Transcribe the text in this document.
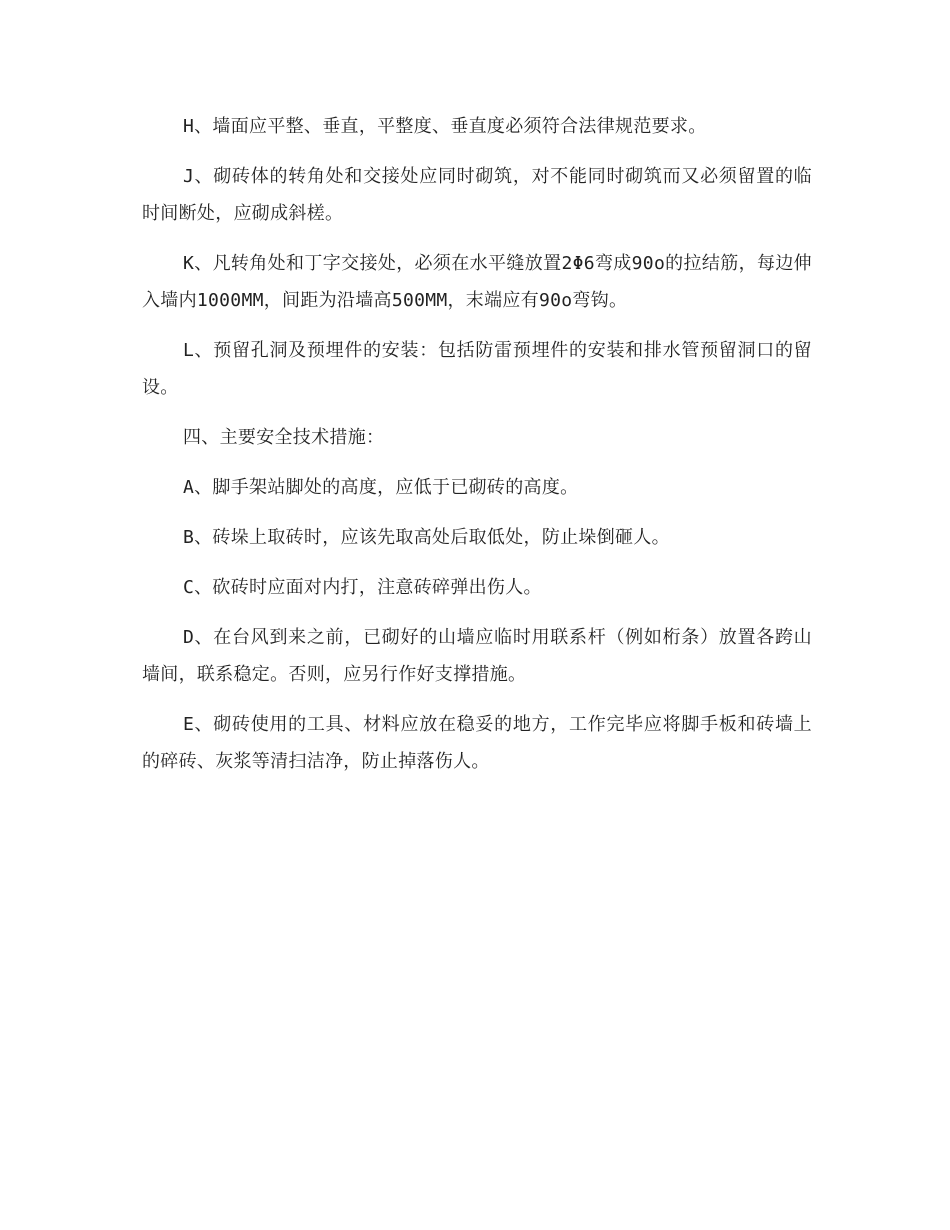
H、墙面应平整、垂直，平整度、垂直度必须符合法律规范要求。

J、砌砖体的转角处和交接处应同时砌筑，对不能同时砌筑而又必须留置的临时间断处，应砌成斜槎。

K、凡转角处和丁字交接处，必须在水平缝放置2Φ6弯成90o的拉结筋，每边伸入墙内1000MM，间距为沿墙高500MM，末端应有90o弯钩。

L、预留孔洞及预埋件的安装：包括防雷预埋件的安装和排水管预留洞口的留设。

四、主要安全技术措施：

A、脚手架站脚处的高度，应低于已砌砖的高度。

B、砖垛上取砖时，应该先取高处后取低处，防止垛倒砸人。

C、砍砖时应面对内打，注意砖碎弹出伤人。

D、在台风到来之前，已砌好的山墙应临时用联系杆（例如桁条）放置各跨山墙间，联系稳定。否则，应另行作好支撑措施。

E、砌砖使用的工具、材料应放在稳妥的地方，工作完毕应将脚手板和砖墙上的碎砖、灰浆等清扫洁净，防止掉落伤人。
